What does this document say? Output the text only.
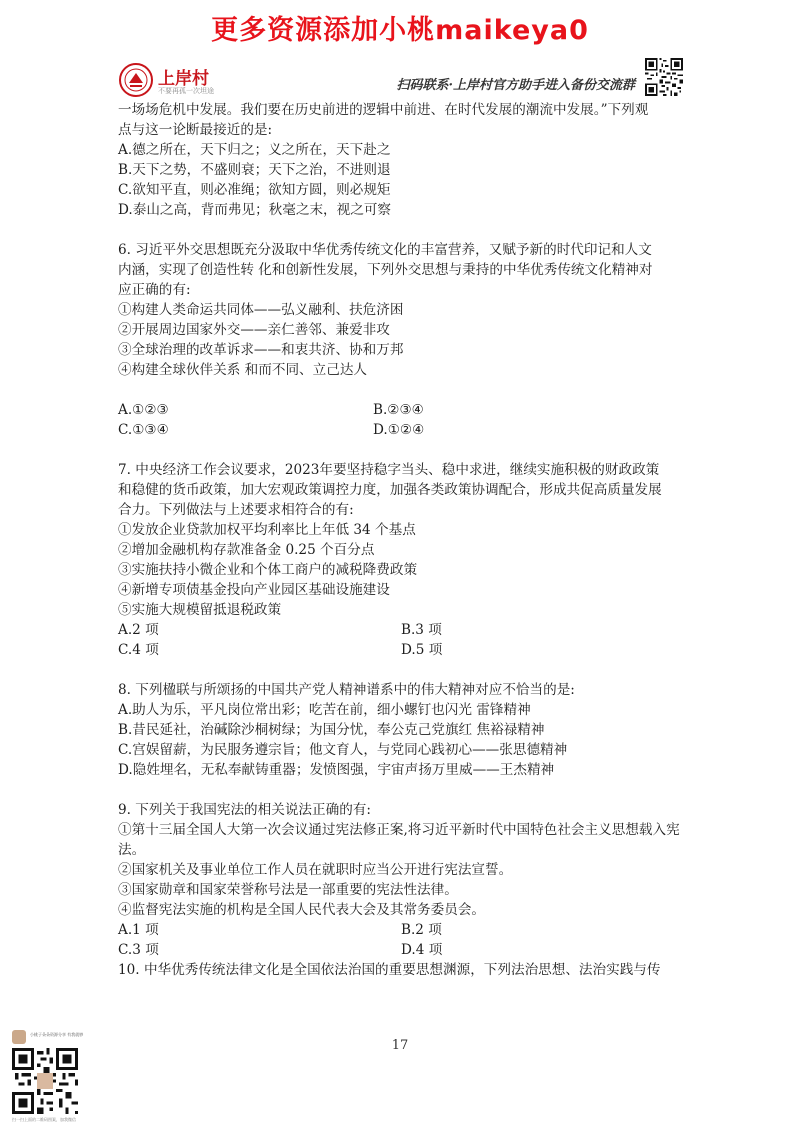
更多资源添加小桃maikeya0
上岸村
不要再孤一次坦途	扫码联系·上岸村官方助手进入备份交流群
一场场危机中发展。我们要在历史前进的逻辑中前进、在时代发展的潮流中发展。”下列观
点与这一论断最接近的是:
A.德之所在，天下归之；义之所在，天下赴之
B.天下之势，不盛则衰；天下之治，不进则退
C.欲知平直，则必准绳；欲知方圆，则必规矩
D.泰山之高，背而弗见；秋毫之末，视之可察
6. 习近平外交思想既充分汲取中华优秀传统文化的丰富营养，又赋予新的时代印记和人文
内涵，实现了创造性转 化和创新性发展，下列外交思想与秉持的中华优秀传统文化精神对
应正确的有:
①构建人类命运共同体——弘义融利、扶危济困
②开展周边国家外交——亲仁善邻、兼爱非攻
③全球治理的改革诉求——和衷共济、协和万邦
④构建全球伙伴关系 和而不同、立己达人
A.①②③	B.②③④
C.①③④	D.①②④
7. 中央经济工作会议要求，2023年要坚持稳字当头、稳中求进，继续实施积极的财政政策
和稳健的货币政策，加大宏观政策调控力度，加强各类政策协调配合，形成共促高质量发展
合力。下列做法与上述要求相符合的有:
①发放企业贷款加权平均利率比上年低 34 个基点
②增加金融机构存款准备金 0.25 个百分点
③实施扶持小微企业和个体工商户的减税降费政策
④新增专项债基金投向产业园区基础设施建设
⑤实施大规模留抵退税政策
A.2 项	B.3 项
C.4 项	D.5 项
8. 下列楹联与所颂扬的中国共产党人精神谱系中的伟大精神对应不恰当的是:
A.助人为乐，平凡岗位常出彩；吃苦在前，细小螺钉也闪光 雷锋精神
B.昔民延社，治碱除沙桐树绿；为国分忧，奉公克己党旗红 焦裕禄精神
C.宫娱留薪，为民服务遵宗旨；他文育人，与党同心践初心——张思德精神
D.隐姓埋名，无私奉献铸重器；发愤图强，宇宙声扬万里威——王杰精神
9. 下列关于我国宪法的相关说法正确的有:
①第十三届全国人大第一次会议通过宪法修正案,将习近平新时代中国特色社会主义思想载入宪法。
②国家机关及事业单位工作人员在就职时应当公开进行宪法宣誓。
③国家勋章和国家荣誉称号法是一部重要的宪法性法律。
④监督宪法实施的机构是全国人民代表大会及其常务委员会。
A.1 项	B.2 项
C.3 项	D.4 项
10. 中华优秀传统法律文化是全国依法治国的重要思想渊源，下列法治思想、法治实践与传
17
小桃子朵朵资源分享 有我就够
扫一扫上面的二维码图案，加我微信
